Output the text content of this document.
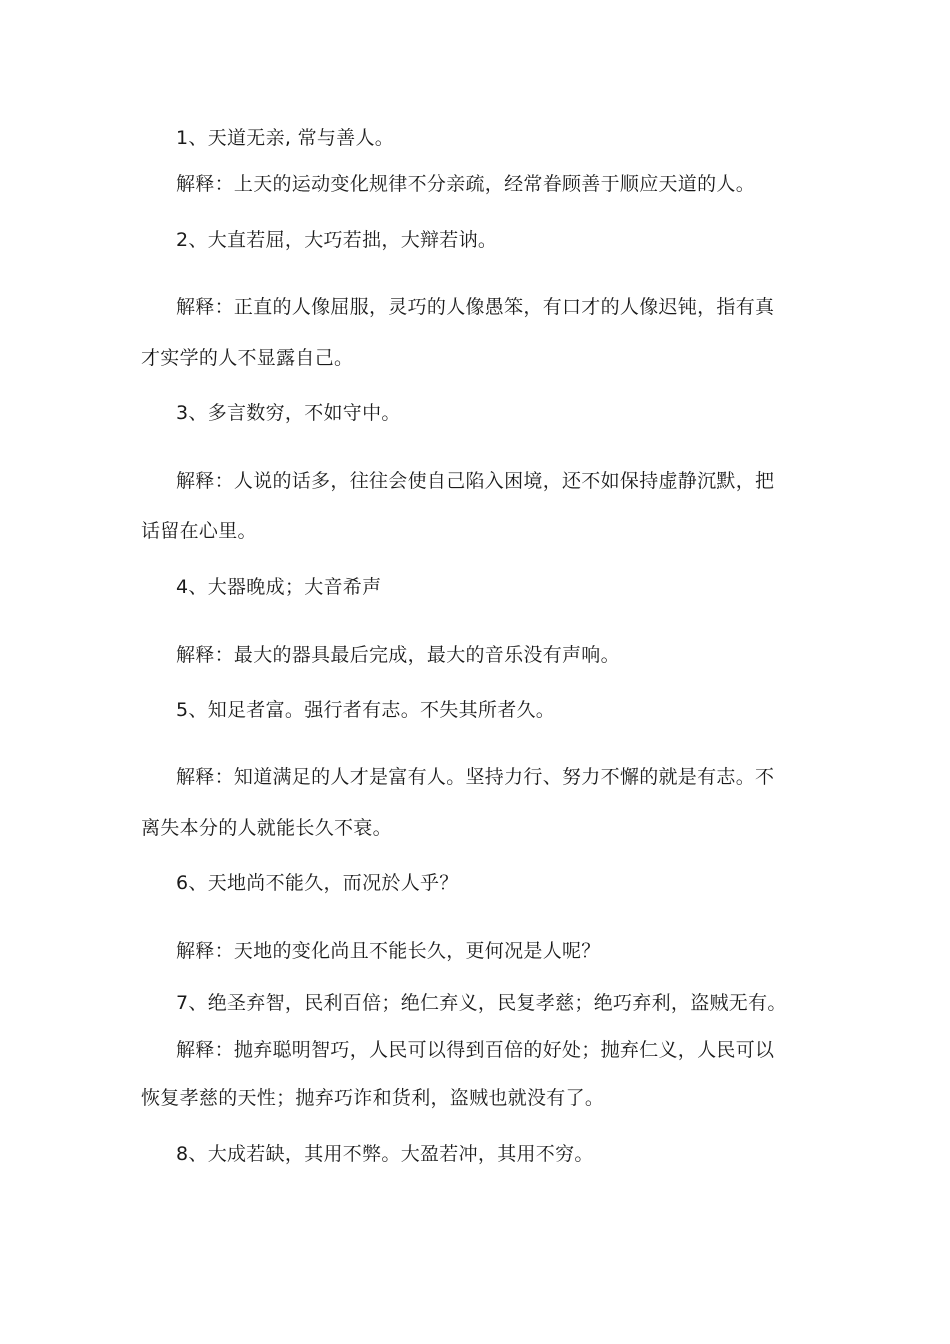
1、天道无亲, 常与善人。
解释：上天的运动变化规律不分亲疏，经常眷顾善于顺应天道的人。
2、大直若屈，大巧若拙，大辩若讷。
解释：正直的人像屈服，灵巧的人像愚笨，有口才的人像迟钝，指有真
才实学的人不显露自己。
3、多言数穷，不如守中。
解释：人说的话多，往往会使自己陷入困境，还不如保持虚静沉默，把
话留在心里。
4、大器晚成；大音希声
解释：最大的器具最后完成，最大的音乐没有声响。
5、知足者富。强行者有志。不失其所者久。
解释：知道满足的人才是富有人。坚持力行、努力不懈的就是有志。不
离失本分的人就能长久不衰。
6、天地尚不能久，而况於人乎？
解释：天地的变化尚且不能长久，更何况是人呢？
7、绝圣弃智，民利百倍；绝仁弃义，民复孝慈；绝巧弃利，盗贼无有。
解释：抛弃聪明智巧，人民可以得到百倍的好处；抛弃仁义，人民可以
恢复孝慈的天性；抛弃巧诈和货利，盗贼也就没有了。
8、大成若缺，其用不弊。大盈若冲，其用不穷。
